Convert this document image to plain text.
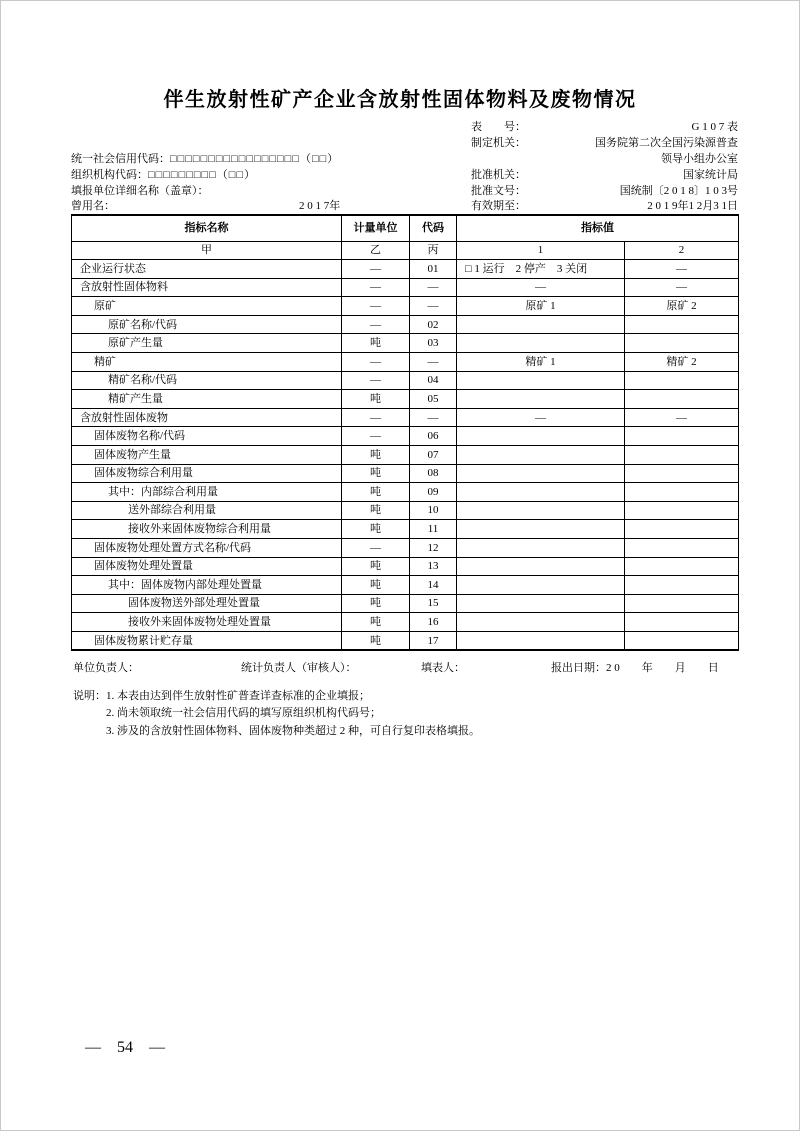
伴生放射性矿产企业含放射性固体物料及废物情况
表　　号：	G 1 0 7 表
制定机关：	国务院第二次全国污染源普查
统一社会信用代码：□□□□□□□□□□□□□□□□□（□□）	领导小组办公室
组织机构代码：□□□□□□□□□（□□）	批准机关：	国家统计局
填报单位详细名称（盖章）：	批准文号：	国统制〔2 0 1 8〕1 0 3号
曾用名：	2 0 1 7年	有效期至：	2 0 1 9年1 2月3 1日
指标名称	计量单位	代码	指标值	
甲	乙	丙	1	2
企业运行状态	—	01	□ 1 运行　2 停产　3 关闭	—
含放射性固体物料	—	—	—	—
原矿	—	—	原矿 1	原矿 2
原矿名称/代码	—	02		
原矿产生量	吨	03		
精矿	—	—	精矿 1	精矿 2
精矿名称/代码	—	04		
精矿产生量	吨	05		
含放射性固体废物	—	—	—	—
固体废物名称/代码	—	06		
固体废物产生量	吨	07		
固体废物综合利用量	吨	08		
其中：内部综合利用量	吨	09		
送外部综合利用量	吨	10		
接收外来固体废物综合利用量	吨	11		
固体废物处理处置方式名称/代码	—	12		
固体废物处理处置量	吨	13		
其中：固体废物内部处理处置量	吨	14		
固体废物送外部处理处置量	吨	15		
接收外来固体废物处理处置量	吨	16		
固体废物累计贮存量	吨	17		
单位负责人：	统计负责人（审核人）：	填表人：	报出日期：2 0　　年　　月　　日
说明：1. 本表由达到伴生放射性矿普查详查标准的企业填报；
2. 尚未领取统一社会信用代码的填写原组织机构代码号；
3. 涉及的含放射性固体物料、固体废物种类超过 2 种，可自行复印表格填报。
— 54 —
